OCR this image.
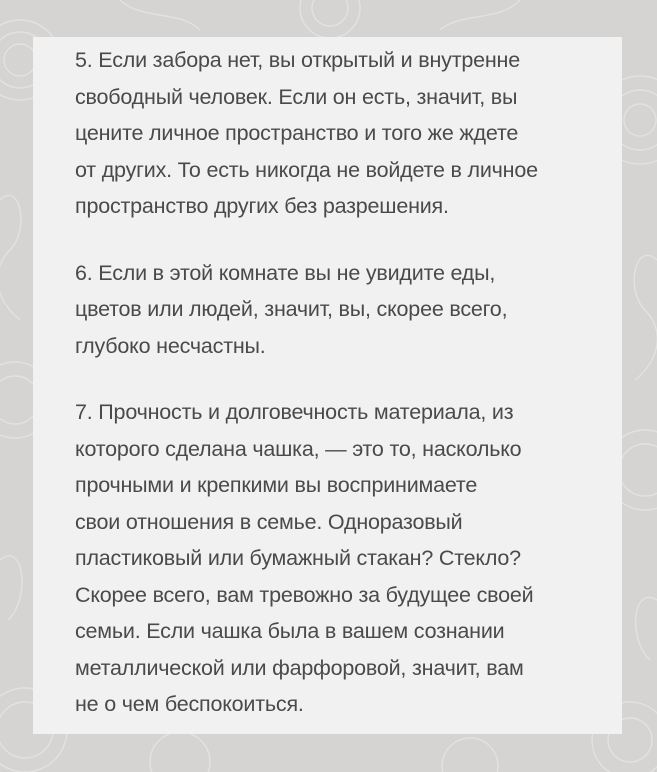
5. Если забора нет, вы открытый и внутренне
свободный человек. Если он есть, значит, вы
цените личное пространство и того же ждете
от других. То есть никогда не войдете в личное
пространство других без разрешения.

6. Если в этой комнате вы не увидите еды,
цветов или людей, значит, вы, скорее всего,
глубоко несчастны.

7. Прочность и долговечность материала, из
которого сделана чашка, — это то, насколько
прочными и крепкими вы воспринимаете
свои отношения в семье. Одноразовый
пластиковый или бумажный стакан? Стекло?
Скорее всего, вам тревожно за будущее своей
семьи. Если чашка была в вашем сознании
металлической или фарфоровой, значит, вам
не о чем беспокоиться.
